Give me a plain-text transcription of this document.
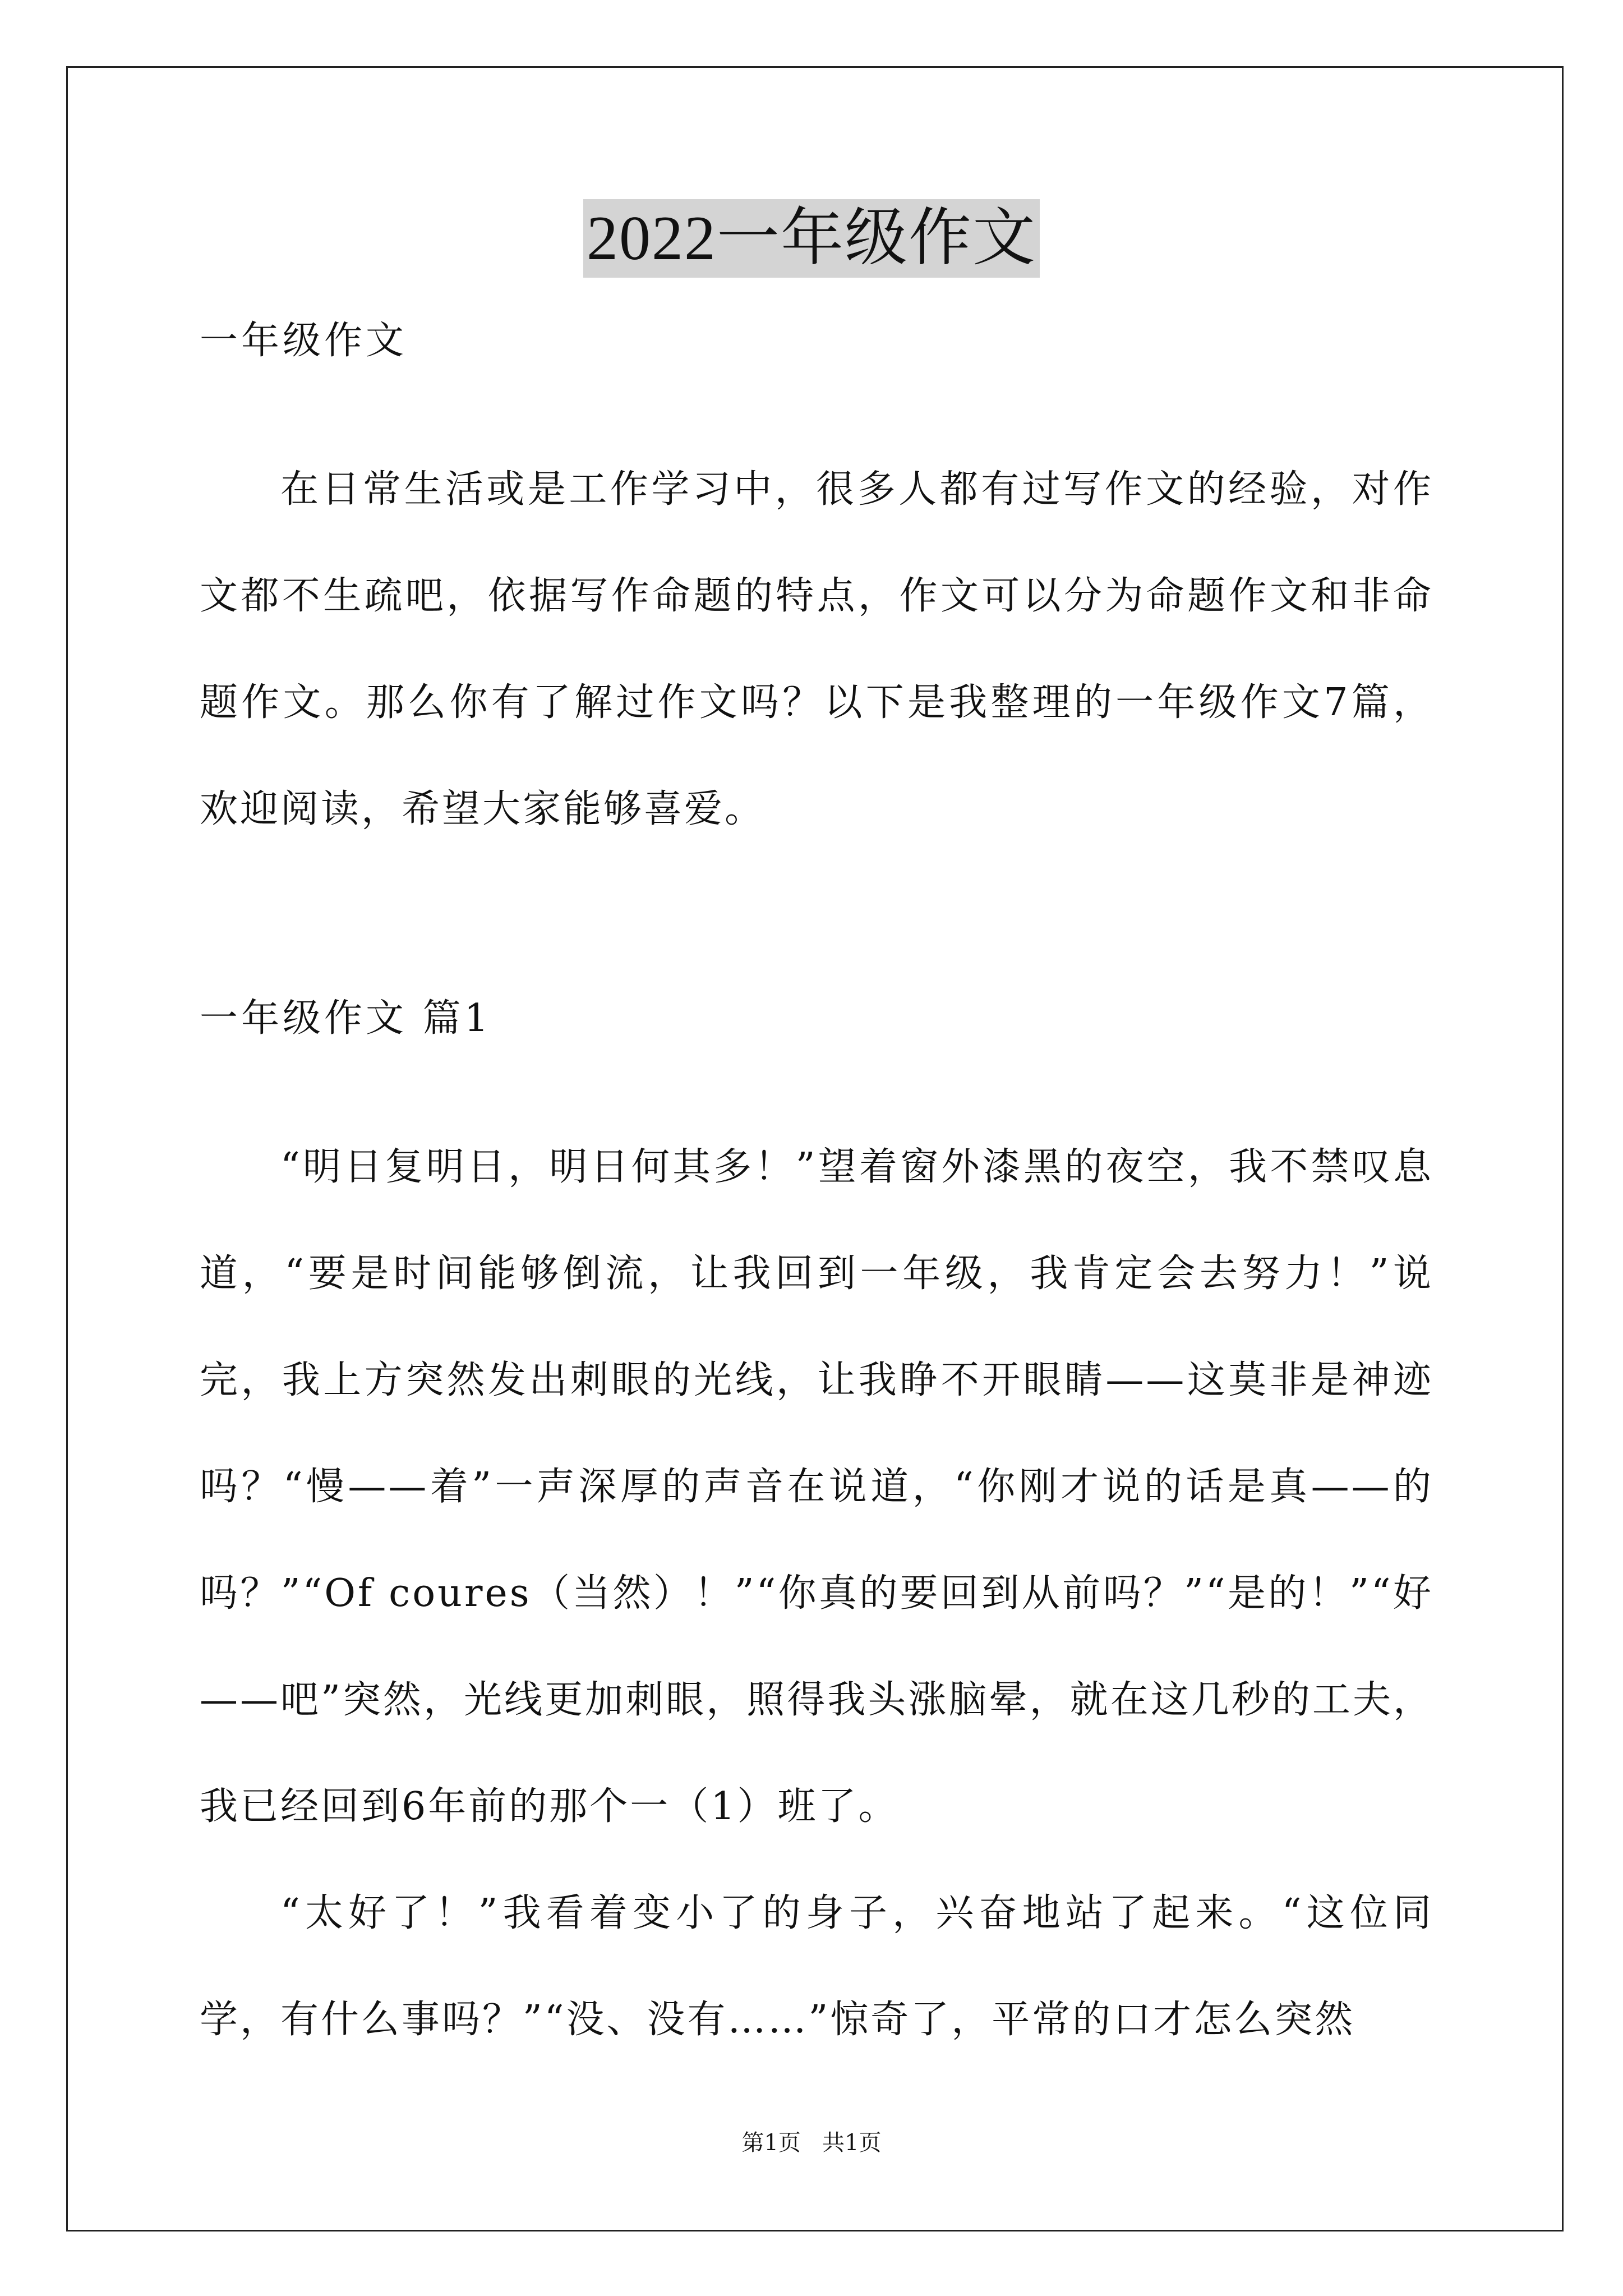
2022一年级作文

一年级作文

在日常生活或是工作学习中，很多人都有过写作文的经验，对作文都不生疏吧，依据写作命题的特点，作文可以分为命题作文和非命题作文。那么你有了解过作文吗？以下是我整理的一年级作文7篇，欢迎阅读，希望大家能够喜爱。

一年级作文 篇1

“明日复明日，明日何其多！”望着窗外漆黑的夜空，我不禁叹息道，“要是时间能够倒流，让我回到一年级，我肯定会去努力！”说完，我上方突然发出刺眼的光线，让我睁不开眼睛——这莫非是神迹吗？“慢——着”一声深厚的声音在说道，“你刚才说的话是真——的吗？”“Of coures（当然）！”“你真的要回到从前吗？”“是的！”“好——吧”突然，光线更加刺眼，照得我头涨脑晕，就在这几秒的工夫，我已经回到6年前的那个一（1）班了。

“太好了！”我看着变小了的身子，兴奋地站了起来。“这位同学，有什么事吗？”“没、没有……”惊奇了，平常的口才怎么突然

第1页   共1页
